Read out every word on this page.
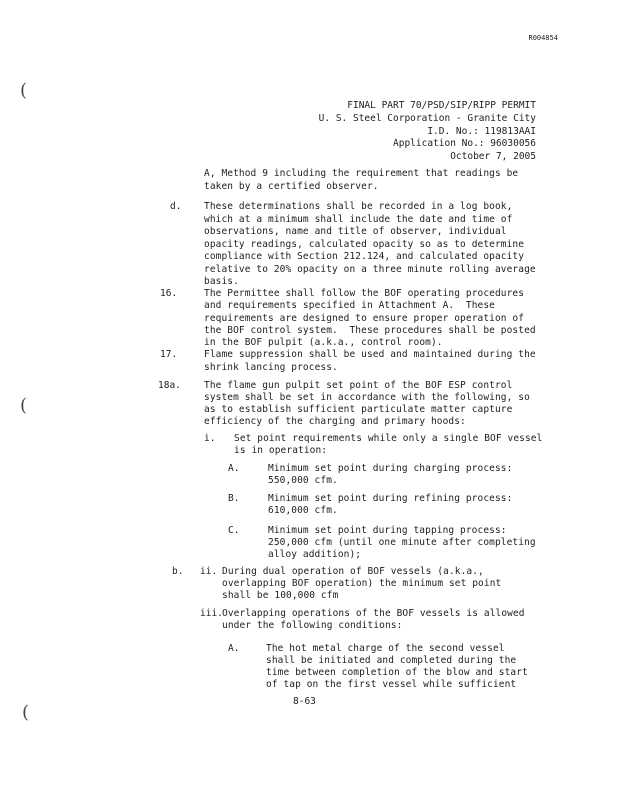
R004854
(
(
(
FINAL PART 70/PSD/SIP/RIPP PERMIT
U. S. Steel Corporation - Granite City
I.D. No.: 119813AAI
Application No.: 96030056
October 7, 2005
A, Method 9 including the requirement that readings be
taken by a certified observer.
d. These determinations shall be recorded in a log book,
which at a minimum shall include the date and time of
observations, name and title of observer, individual
opacity readings, calculated opacity so as to determine
compliance with Section 212.124, and calculated opacity
relative to 20% opacity on a three minute rolling average
basis.
16.	The Permittee shall follow the BOF operating procedures
and requirements specified in Attachment A.  These
requirements are designed to ensure proper operation of
the BOF control system.  These procedures shall be posted
in the BOF pulpit (a.k.a., control room).
17.	Flame suppression shall be used and maintained during the
shrink lancing process.
18a. The flame gun pulpit set point of the BOF ESP control
system shall be set in accordance with the following, so
as to establish sufficient particulate matter capture
efficiency of the charging and primary hoods:
i. Set point requirements while only a single BOF vessel
is in operation:
A.	Minimum set point during charging process:
550,000 cfm.
B.	Minimum set point during refining process:
610,000 cfm.
C.	Minimum set point during tapping process:
250,000 cfm (until one minute after completing
alloy addition);
b. ii. During dual operation of BOF vessels (a.k.a.,
overlapping BOF operation) the minimum set point
shall be 100,000 cfm
iii. Overlapping operations of the BOF vessels is allowed
under the following conditions:
A.	The hot metal charge of the second vessel
shall be initiated and completed during the
time between completion of the blow and start
of tap on the first vessel while sufficient
8-63
